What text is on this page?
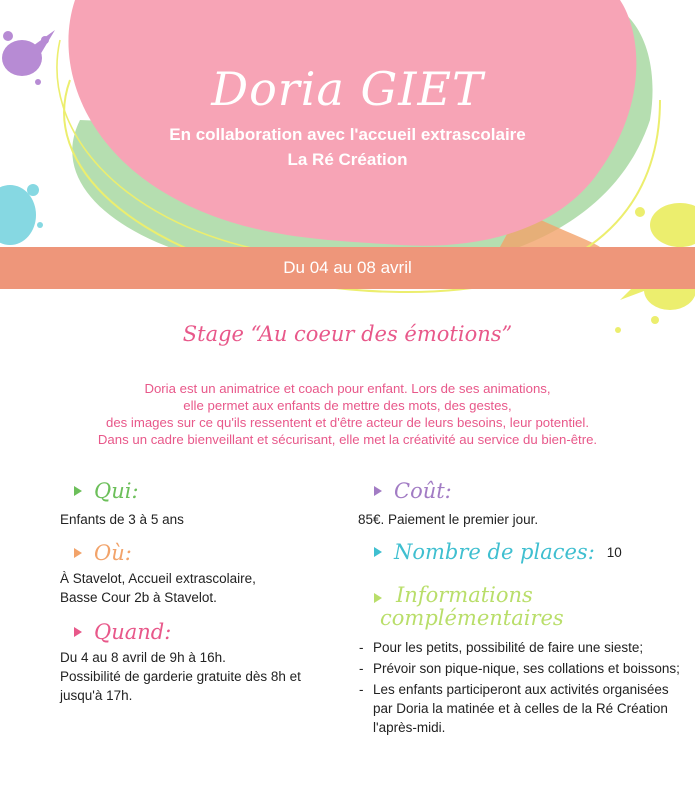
Doria GIET
En collaboration avec l'accueil extrascolaire
La Ré Création
Du 04 au 08 avril
Stage “Au coeur des émotions”
Doria est un animatrice et coach pour enfant. Lors de ses animations,
elle permet aux enfants de mettre des mots, des gestes,
des images sur ce qu'ils ressentent et d'être acteur de leurs besoins, leur potentiel.
Dans un cadre bienveillant et sécurisant, elle met la créativité au service du bien-être.
Qui:
Enfants de 3 à 5 ans
Où:
À Stavelot, Accueil extrascolaire,
Basse Cour 2b à Stavelot.
Quand:
Du 4 au 8 avril de 9h à 16h.
Possibilité de garderie gratuite dès 8h et
jusqu'à 17h.
Coût:
85€. Paiement le premier jour.
Nombre de places: 10
Informations
complémentaires
- Pour les petits, possibilité de faire une sieste;
- Prévoir son pique-nique, ses collations et boissons;
- Les enfants participeront aux activités organisées par Doria la matinée et à celles de la Ré Création l'après-midi.
